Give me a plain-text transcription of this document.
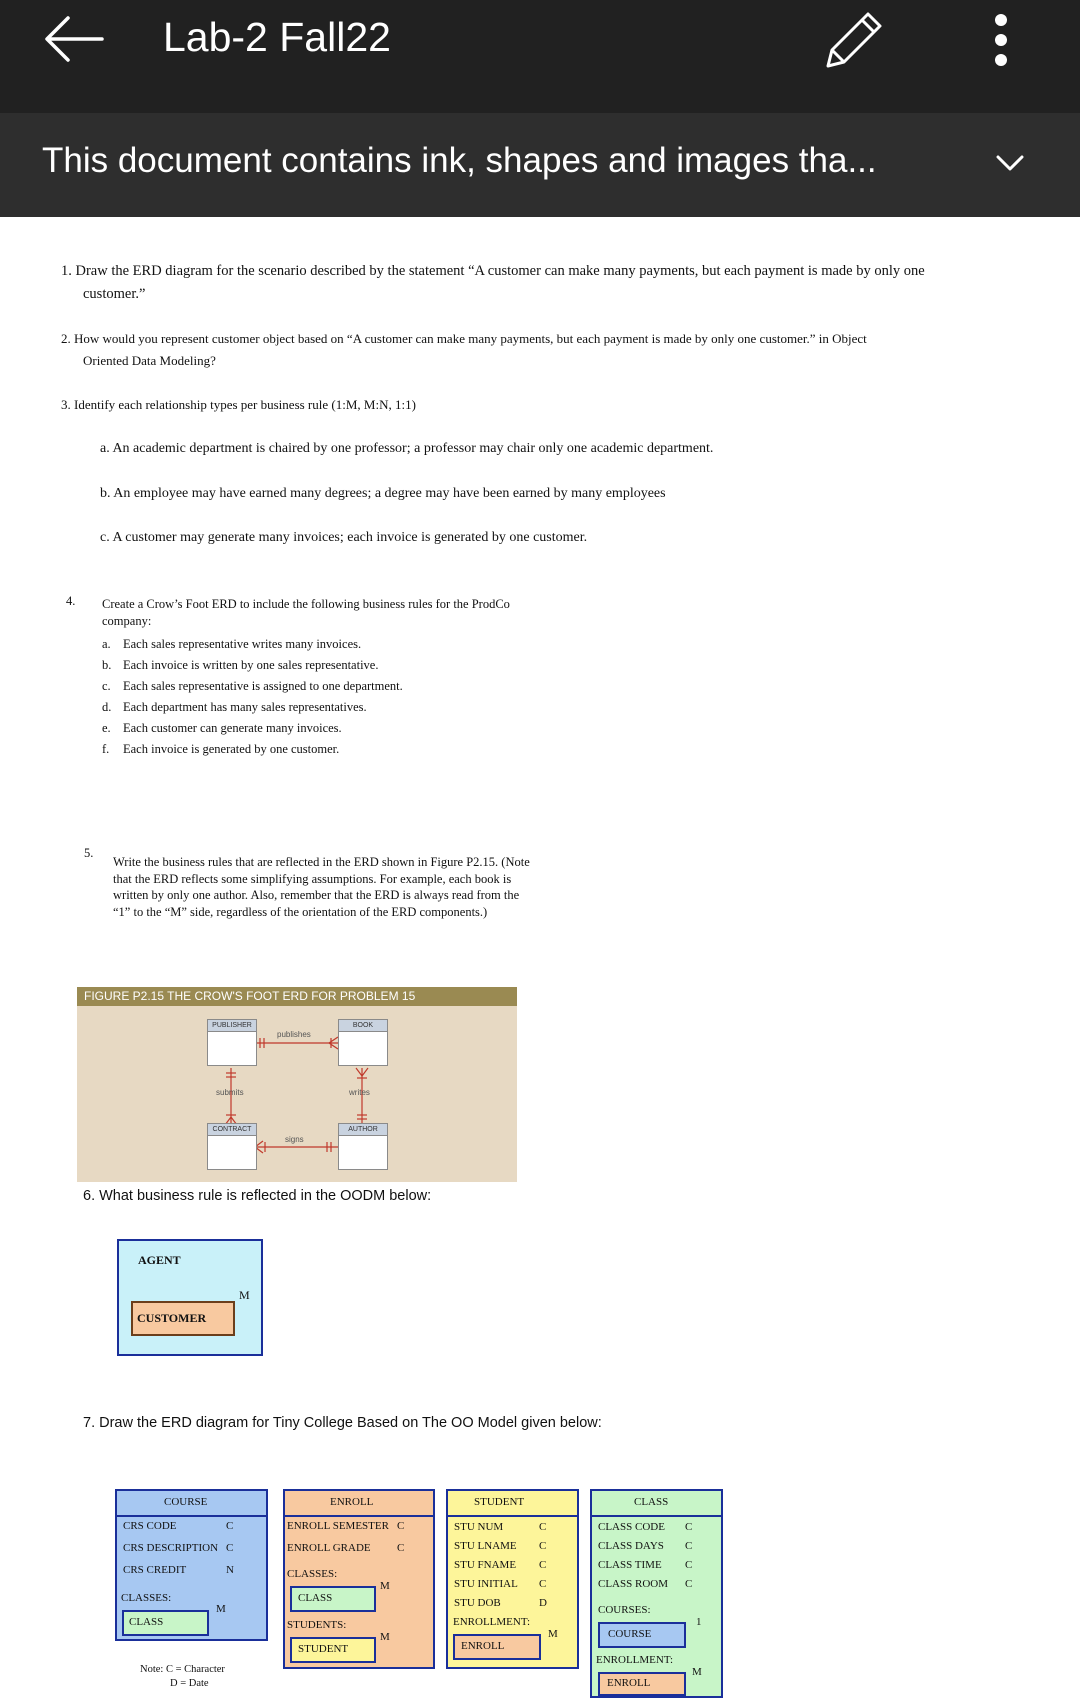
Lab-2 Fall22
This document contains ink, shapes and images tha...
1. Draw the ERD diagram for the scenario described by the statement “A customer can make many payments, but each payment is made by only one
customer.”
2. How would you represent customer object based on “A customer can make many payments, but each payment is made by only one customer.” in Object
Oriented Data Modeling?
3. Identify each relationship types per business rule (1:M, M:N, 1:1)
a. An academic department is chaired by one professor; a professor may chair only one academic department.
b. An employee may have earned many degrees; a degree may have been earned by many employees
c. A customer may generate many invoices; each invoice is generated by one customer.
4. Create a Crow’s Foot ERD to include the following business rules for the ProdCo
company:
a. Each sales representative writes many invoices.
b. Each invoice is written by one sales representative.
c. Each sales representative is assigned to one department.
d. Each department has many sales representatives.
e. Each customer can generate many invoices.
f. Each invoice is generated by one customer.
5.
Write the business rules that are reflected in the ERD shown in Figure P2.15. (Note
that the ERD reflects some simplifying assumptions. For example, each book is
written by only one author. Also, remember that the ERD is always read from the
“1” to the “M” side, regardless of the orientation of the ERD components.)
FIGURE P2.15 THE CROW'S FOOT ERD FOR PROBLEM 15
PUBLISHER	BOOK
CONTRACT	AUTHOR
publishes
submits	writes
signs
6. What business rule is reflected in the OODM below:
AGENT
M
CUSTOMER
7. Draw the ERD diagram for Tiny College Based on The OO Model given below:
COURSE
CRS CODE	C
CRS DESCRIPTION C
CRS CREDIT	N
CLASSES:
M
CLASS
ENROLL
ENROLL SEMESTER C
ENROLL GRADE C
CLASSES:
M
CLASS
STUDENTS:
M
STUDENT
STUDENT
STU NUM	C
STU LNAME C
STU FNAME C
STU INITIAL C
STU DOB	D
ENROLLMENT:
M
ENROLL
CLASS
CLASS CODE C
CLASS DAYS C
CLASS TIME C
CLASS ROOM C
COURSES:
1
COURSE
ENROLLMENT:
M
ENROLL
Note: C = Character
D = Date
